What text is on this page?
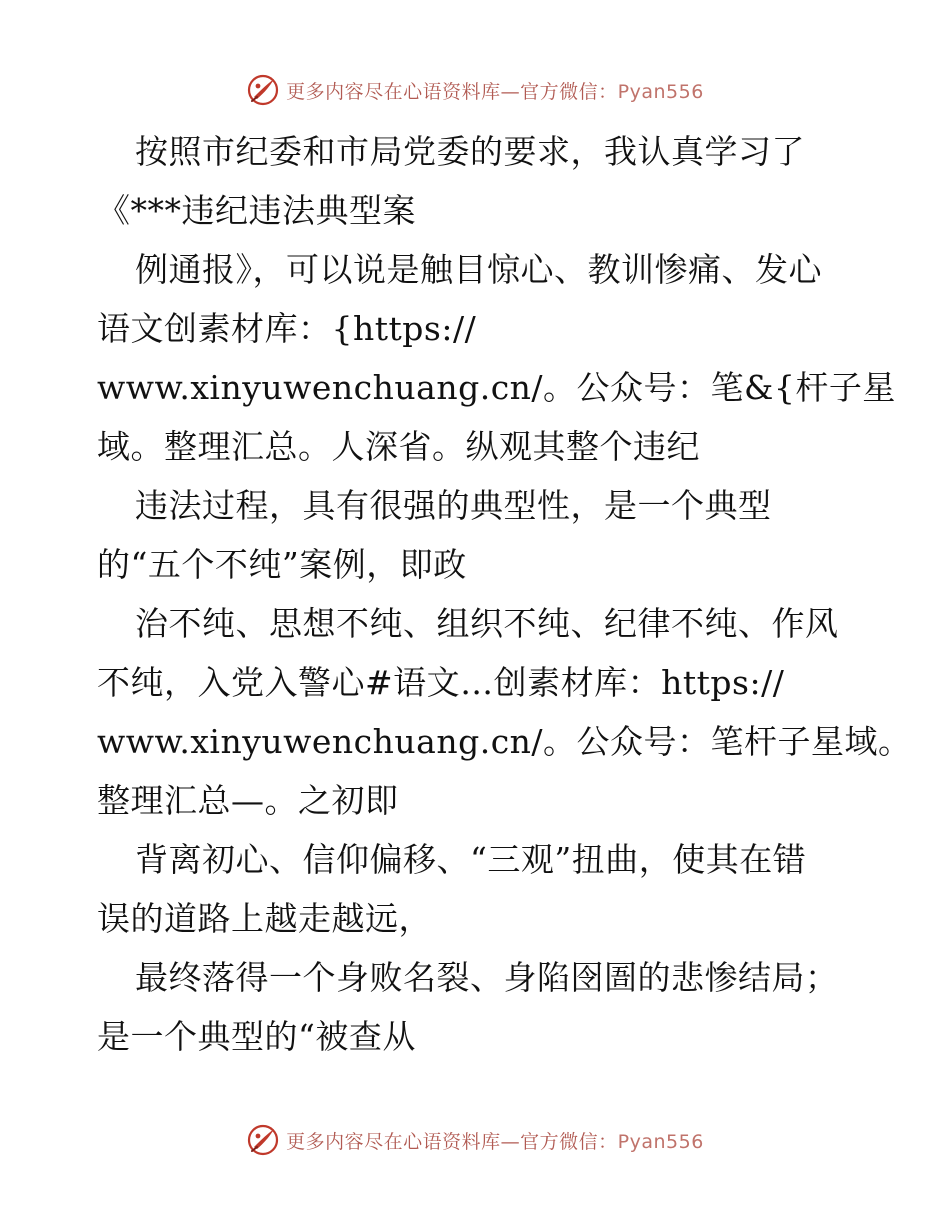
更多内容尽在心语资料库—官方微信：Pyan556
按照市纪委和市局党委的要求，我认真学习了
《***违纪违法典型案
例通报》，可以说是触目惊心、教训惨痛、发心
语文创素材库：{https://
www.xinyuwenchuang.cn/。公众号：笔&{杆子星
域。整理汇总。人深省。纵观其整个违纪
违法过程，具有很强的典型性，是一个典型
的“五个不纯”案例，即政
治不纯、思想不纯、组织不纯、纪律不纯、作风
不纯，入党入警心#语文…创素材库：https://
www.xinyuwenchuang.cn/。公众号：笔杆子星域。
整理汇总—。之初即
背离初心、信仰偏移、“三观”扭曲，使其在错
误的道路上越走越远，
最终落得一个身败名裂、身陷囹圄的悲惨结局；
是一个典型的“被查从
更多内容尽在心语资料库—官方微信：Pyan556
